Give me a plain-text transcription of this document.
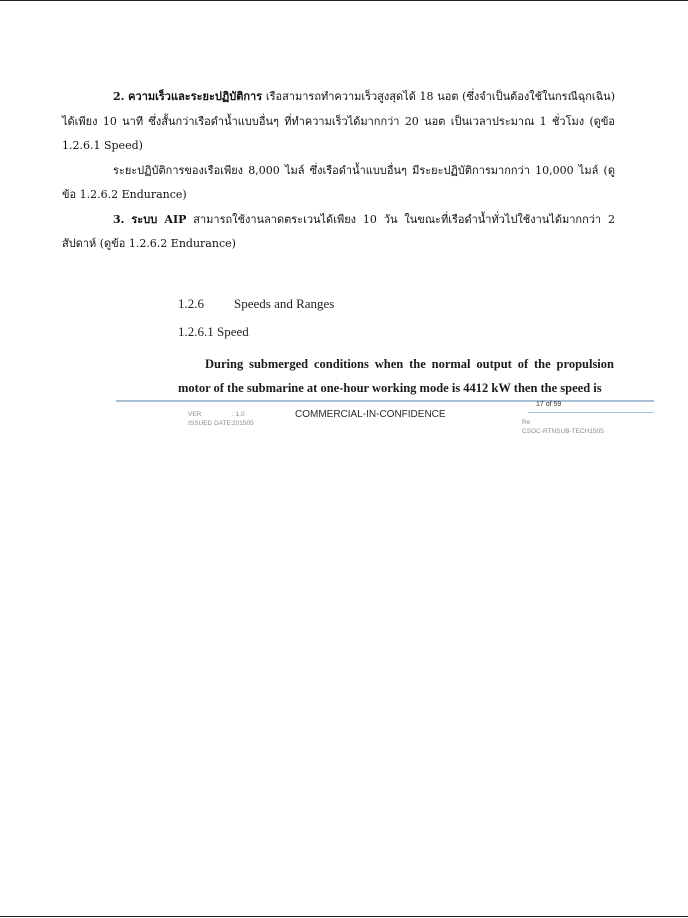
2. ความเร็วและระยะปฏิบัติการ เรือสามารถทำความเร็วสูงสุดได้ 18 นอต (ซึ่งจำเป็นต้องใช้ในกรณีฉุกเฉิน) ได้เพียง 10 นาที ซึ่งสั้นกว่าเรือดำน้ำแบบอื่นๆ ที่ทำความเร็วได้มากกว่า 20 นอต เป็นเวลาประมาณ 1 ชั่วโมง (ดูข้อ 1.2.6.1 Speed)

ระยะปฏิบัติการของเรือเพียง 8,000 ไมล์ ซึ่งเรือดำน้ำแบบอื่นๆ มีระยะปฏิบัติการมากกว่า 10,000 ไมล์ (ดูข้อ 1.2.6.2 Endurance)

3. ระบบ AIP สามารถใช้งานลาดตระเวนได้เพียง 10 วัน ในขณะที่เรือดำน้ำทั่วไปใช้งานได้มากกว่า 2 สัปดาห์ (ดูข้อ 1.2.6.2 Endurance)

1.2.6 Speeds and Ranges
1.2.6.1 Speed
During submerged conditions when the normal output of the propulsion motor of the submarine at one-hour working mode is 4412 kW then the speed is
17 of 59
VER	: 1.0
ISSUED DATE:201505
COMMERCIAL-IN-CONFIDENCE
Re
CSOC-RTNSUB-TECH1505
